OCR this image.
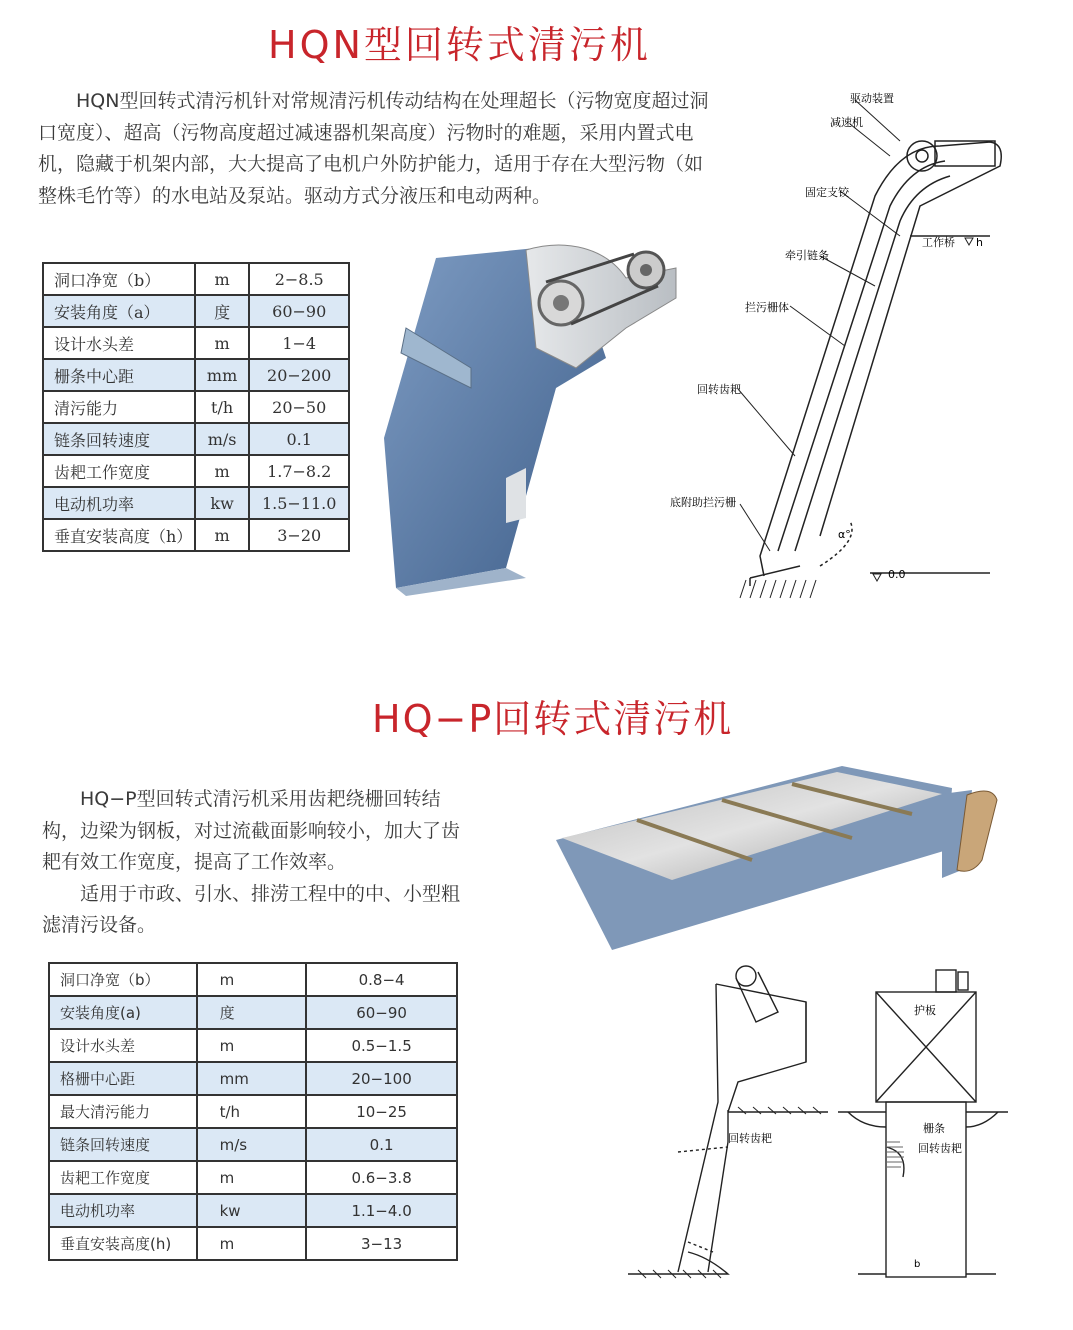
HQN型回转式清污机
HQN型回转式清污机针对常规清污机传动结构在处理超长（污物宽度超过洞口宽度）、超高（污物高度超过减速器机架高度）污物时的难题，采用内置式电机，隐藏于机架内部，大大提高了电机户外防护能力，适用于存在大型污物（如整株毛竹等）的水电站及泵站。驱动方式分液压和电动两种。
洞口净宽（b）	m	2−8.5
安装角度（a）	度	60−90
设计水头差	m	1−4
栅条中心距	mm	20−200
清污能力	t/h	20−50
链条回转速度	m/s	0.1
齿耙工作宽度	m	1.7−8.2
电动机功率	kw	1.5−11.0
垂直安装高度（h）	m	3−20
驱动装置
减速机
固定支铰
工作桥 h
牵引链条
拦污栅体
回转齿耙
底附助拦污栅
α°
0.0
HQ−P回转式清污机
HQ−P型回转式清污机采用齿耙绕栅回转结构，边梁为钢板，对过流截面影响较小，加大了齿耙有效工作宽度，提高了工作效率。
适用于市政、引水、排涝工程中的中、小型粗滤清污设备。
洞口净宽（b）	m	0.8−4
安装角度(a)	度	60−90
设计水头差	m	0.5−1.5
格栅中心距	mm	20−100
最大清污能力	t/h	10−25
链条回转速度	m/s	0.1
齿耙工作宽度	m	0.6−3.8
电动机功率	kw	1.1−4.0
垂直安装高度(h)	m	3−13
回转齿耙
护板
栅条
回转齿耙
b
